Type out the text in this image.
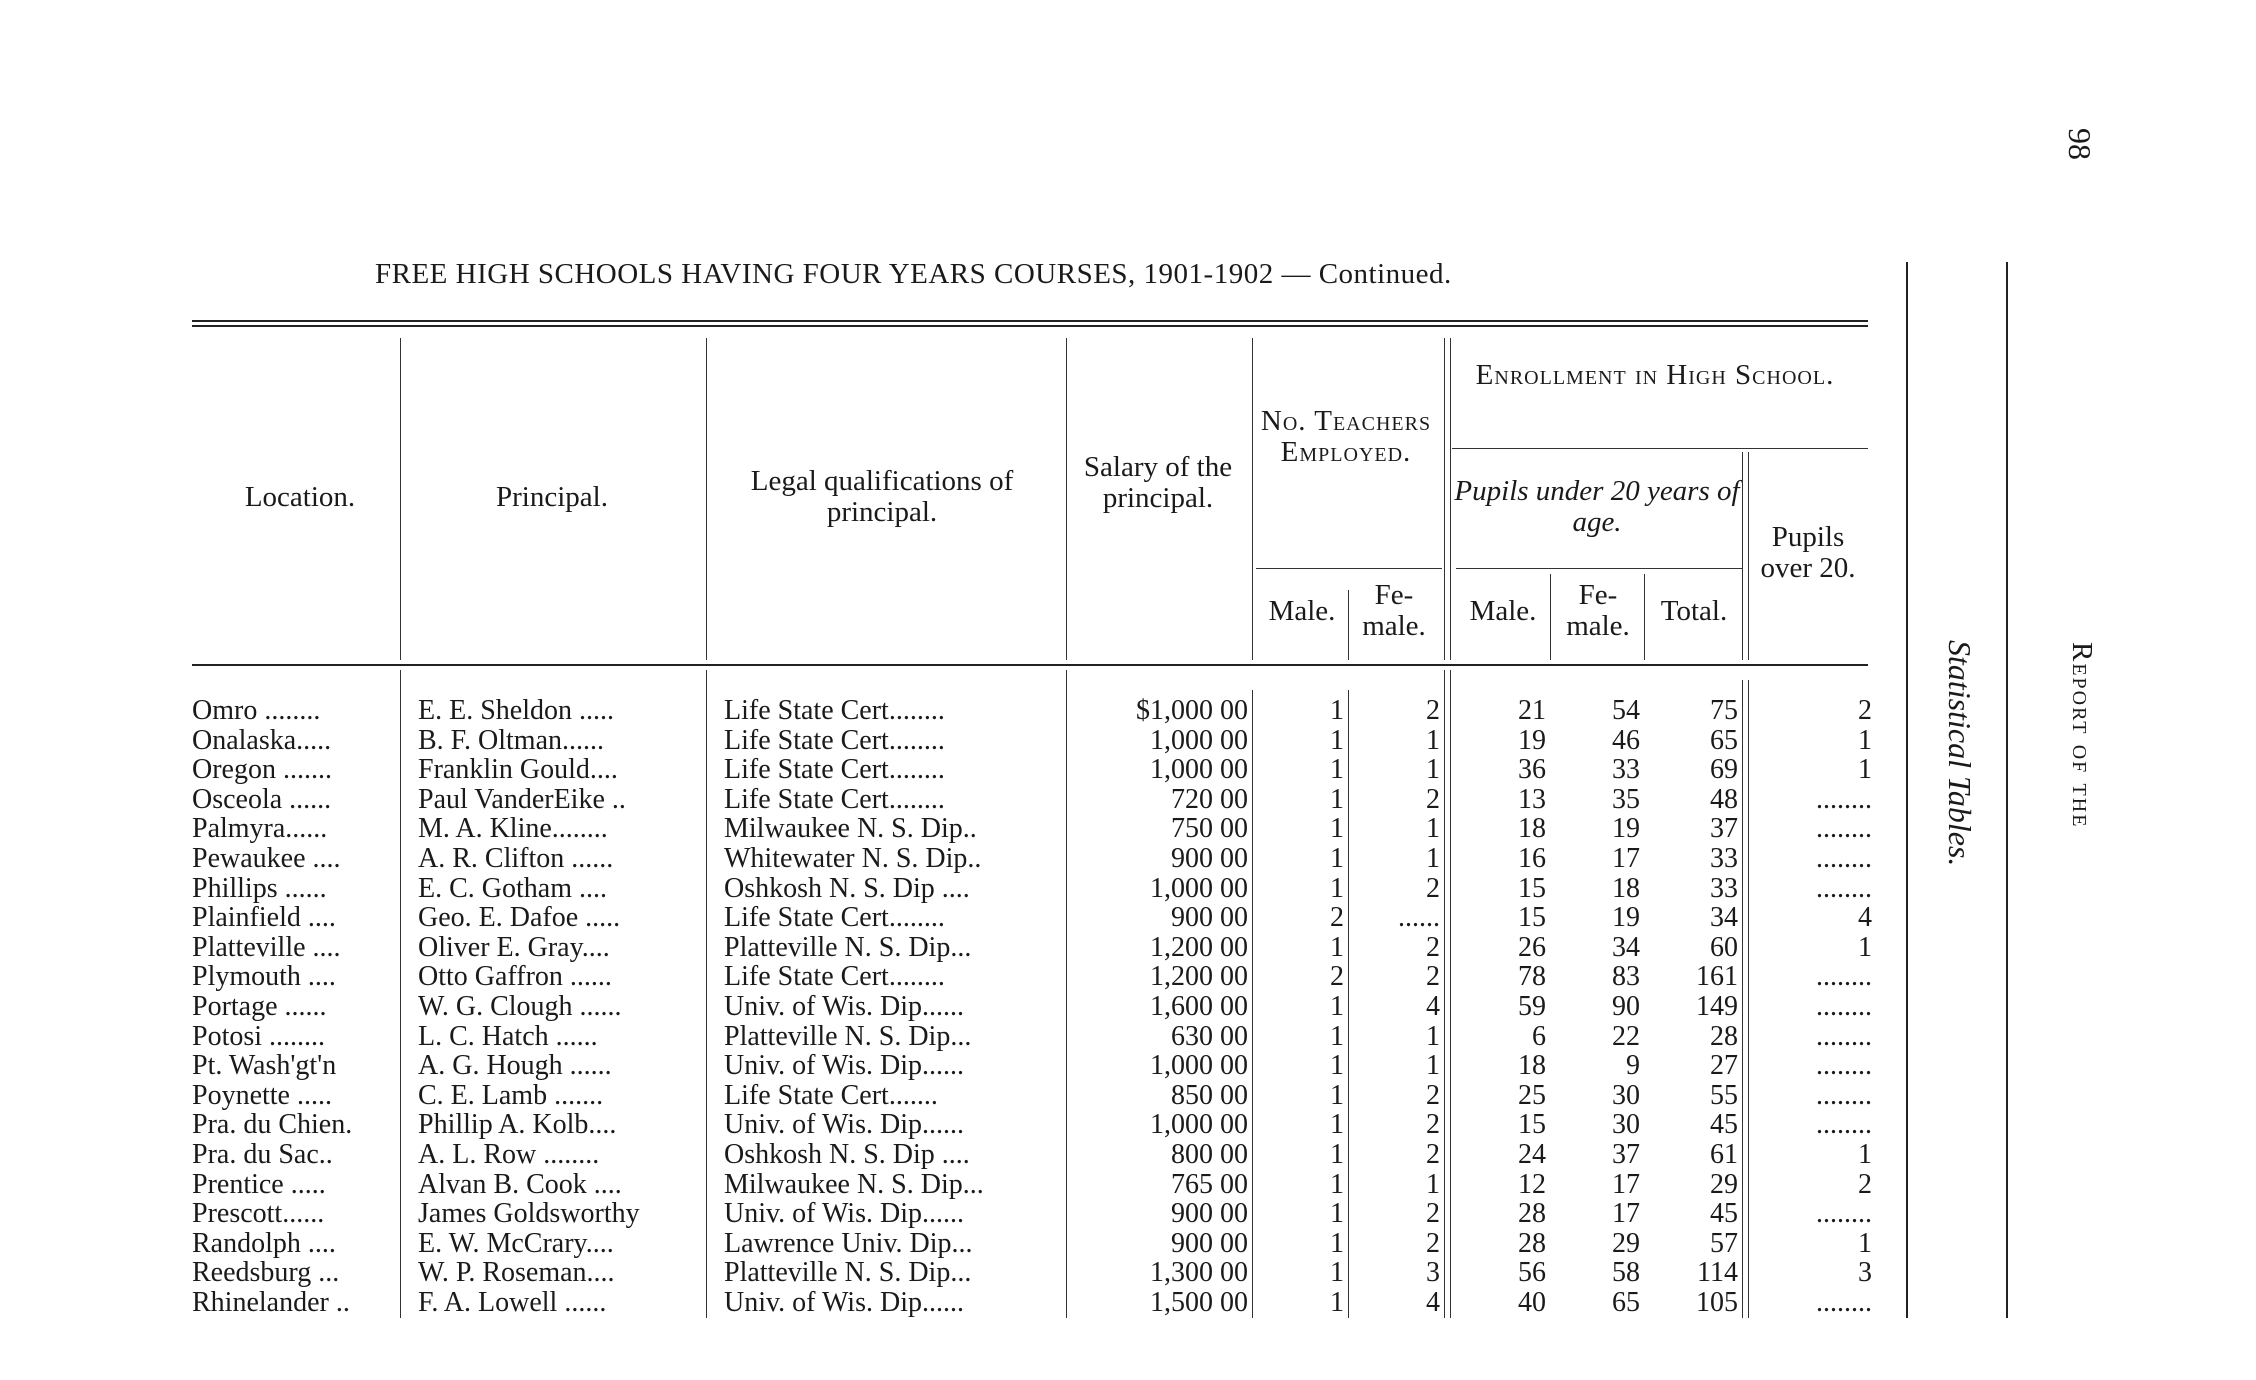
FREE HIGH SCHOOLS HAVING FOUR YEARS COURSES, 1901-1902 — Continued.
Location.	Principal.	Legal qualifications of principal.
Salary of the principal.
No. Teachers Employed.
Male.	Fe-male.
Enrollment in High School.
Pupils under 20 years of age.
Male.	Fe-male.	Total.
Pupils over 20.
Omro ........	E. E. Sheldon .....	Life State Cert........	$1,000 00	1	2	21	54	75	2
Onalaska.....	B. F. Oltman......	Life State Cert........	1,000 00	1	1	19	46	65	1
Oregon .......	Franklin Gould....	Life State Cert........	1,000 00	1	1	36	33	69	1
Osceola ......	Paul VanderEike ..	Life State Cert........	720 00	1	2	13	35	48	........
Palmyra......	M. A. Kline........	Milwaukee N. S. Dip..	750 00	1	1	18	19	37	........
Pewaukee ....	A. R. Clifton ......	Whitewater N. S. Dip..	900 00	1	1	16	17	33	........
Phillips ......	E. C. Gotham ....	Oshkosh N. S. Dip ....	1,000 00	1	2	15	18	33	........
Plainfield ....	Geo. E. Dafoe .....	Life State Cert........	900 00	2	......	15	19	34	4
Platteville ....	Oliver E. Gray....	Platteville N. S. Dip...	1,200 00	1	2	26	34	60	1
Plymouth ....	Otto Gaffron ......	Life State Cert........	1,200 00	2	2	78	83	161	........
Portage ......	W. G. Clough ......	Univ. of Wis. Dip......	1,600 00	1	4	59	90	149	........
Potosi ........	L. C. Hatch ......	Platteville N. S. Dip...	630 00	1	1	6	22	28	........
Pt. Wash'gt'n	A. G. Hough ......	Univ. of Wis. Dip......	1,000 00	1	1	18	9	27	........
Poynette .....	C. E. Lamb .......	Life State Cert.......	850 00	1	2	25	30	55	........
Pra. du Chien.	Phillip A. Kolb....	Univ. of Wis. Dip......	1,000 00	1	2	15	30	45	........
Pra. du Sac..	A. L. Row ........	Oshkosh N. S. Dip ....	800 00	1	2	24	37	61	1
Prentice .....	Alvan B. Cook ....	Milwaukee N. S. Dip...	765 00	1	1	12	17	29	2
Prescott......	James Goldsworthy	Univ. of Wis. Dip......	900 00	1	2	28	17	45	........
Randolph ....	E. W. McCrary....	Lawrence Univ. Dip...	900 00	1	2	28	29	57	1
Reedsburg ...	W. P. Roseman....	Platteville N. S. Dip...	1,300 00	1	3	56	58	114	3
Rhinelander ..	F. A. Lowell ......	Univ. of Wis. Dip......	1,500 00	1	4	40	65	105	........
Statistical Tables.	Report of the
98
